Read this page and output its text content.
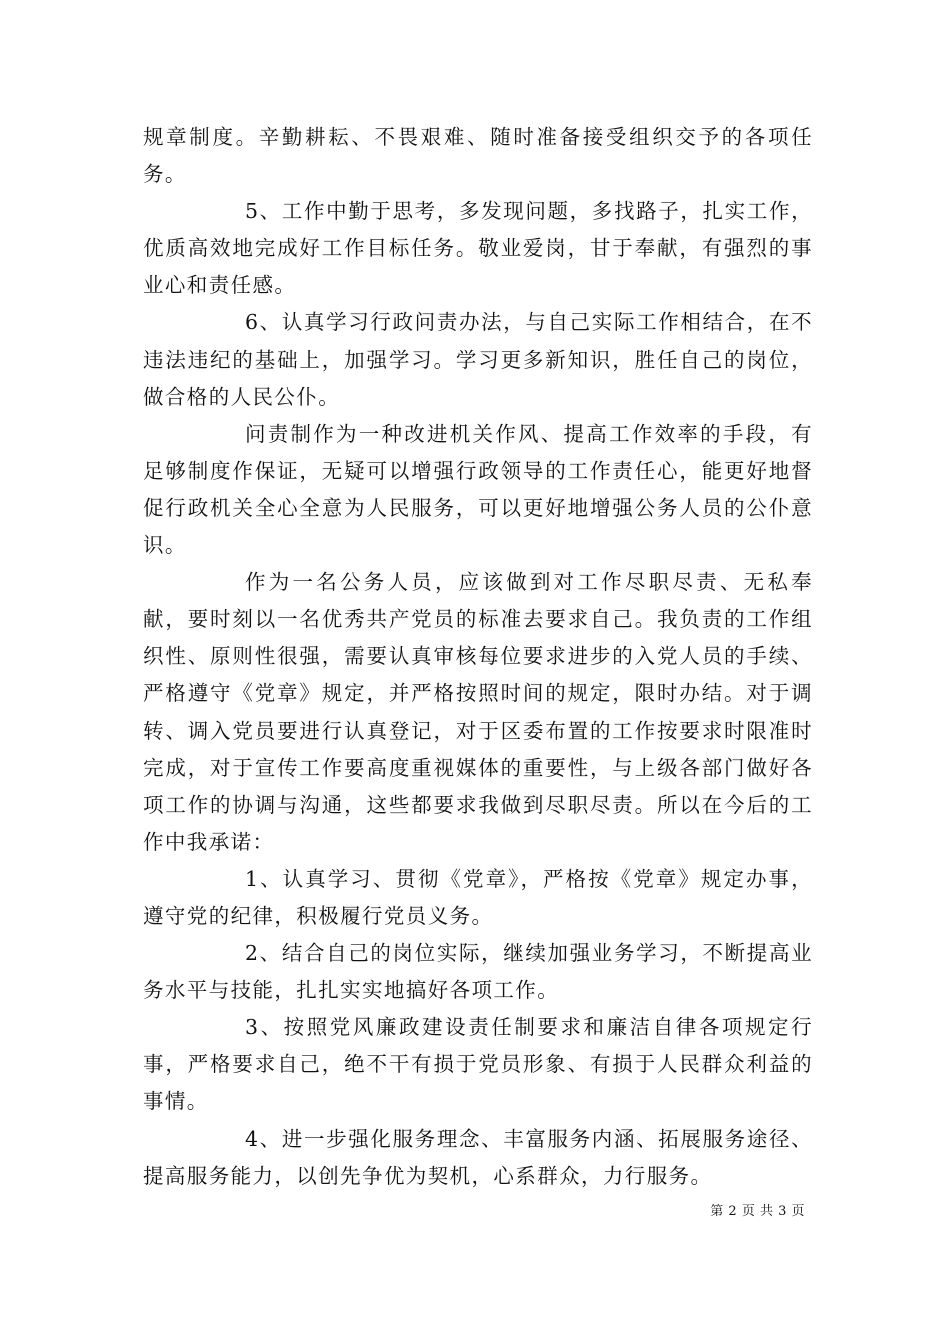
规章制度。辛勤耕耘、不畏艰难、随时准备接受组织交予的各项任务。

5、工作中勤于思考，多发现问题，多找路子，扎实工作，优质高效地完成好工作目标任务。敬业爱岗，甘于奉献，有强烈的事业心和责任感。

6、认真学习行政问责办法，与自己实际工作相结合，在不违法违纪的基础上，加强学习。学习更多新知识，胜任自己的岗位，做合格的人民公仆。

问责制作为一种改进机关作风、提高工作效率的手段，有足够制度作保证，无疑可以增强行政领导的工作责任心，能更好地督促行政机关全心全意为人民服务，可以更好地增强公务人员的公仆意识。

作为一名公务人员，应该做到对工作尽职尽责、无私奉献，要时刻以一名优秀共产党员的标准去要求自己。我负责的工作组织性、原则性很强，需要认真审核每位要求进步的入党人员的手续、严格遵守《党章》规定，并严格按照时间的规定，限时办结。对于调转、调入党员要进行认真登记，对于区委布置的工作按要求时限准时完成，对于宣传工作要高度重视媒体的重要性，与上级各部门做好各项工作的协调与沟通，这些都要求我做到尽职尽责。所以在今后的工作中我承诺：

1、认真学习、贯彻《党章》，严格按《党章》规定办事，遵守党的纪律，积极履行党员义务。

2、结合自己的岗位实际，继续加强业务学习，不断提高业务水平与技能，扎扎实实地搞好各项工作。

3、按照党风廉政建设责任制要求和廉洁自律各项规定行事，严格要求自己，绝不干有损于党员形象、有损于人民群众利益的事情。

4、进一步强化服务理念、丰富服务内涵、拓展服务途径、提高服务能力，以创先争优为契机，心系群众，力行服务。

第 2 页 共 3 页
